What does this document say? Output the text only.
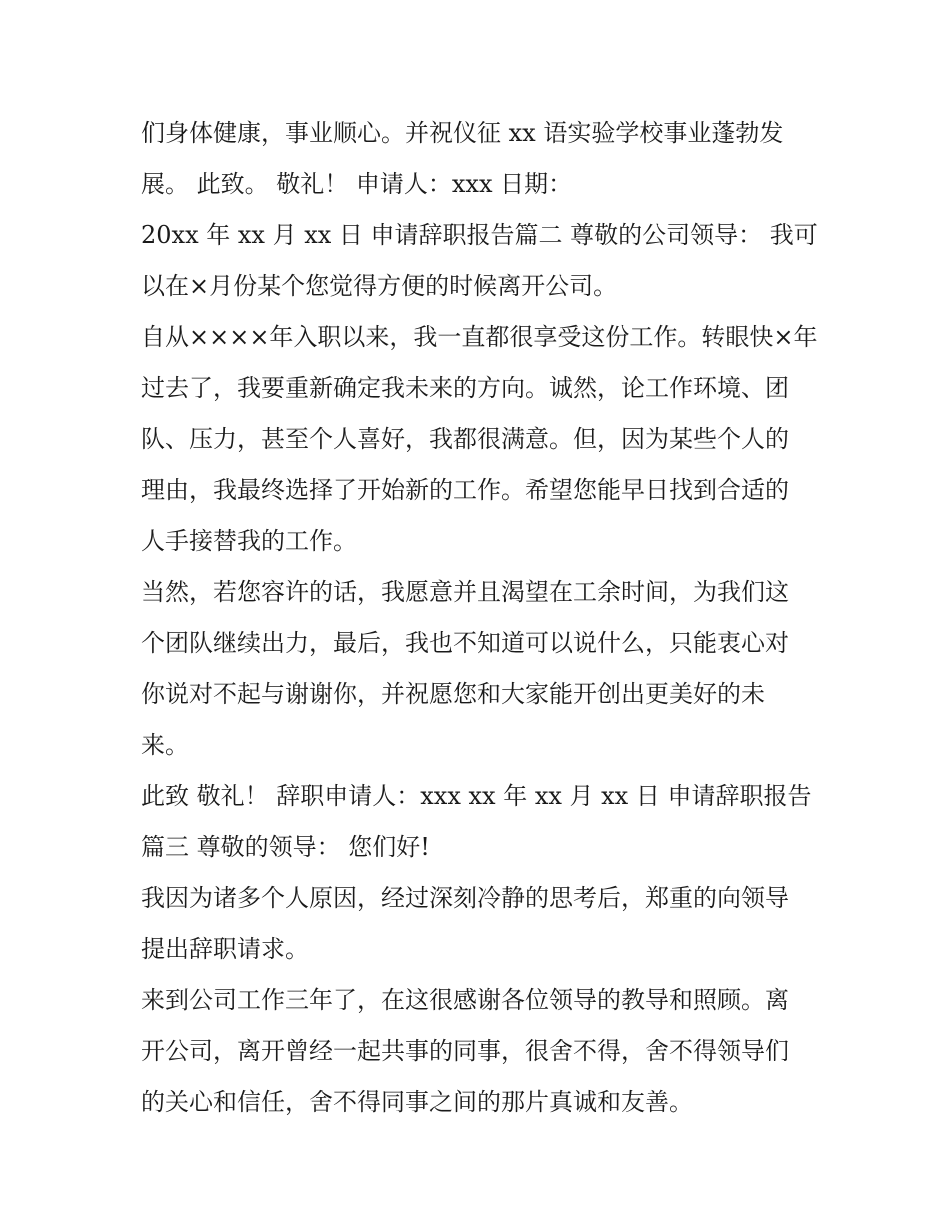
们身体健康，事业顺心。并祝仪征 xx 语实验学校事业蓬勃发
展。 此致。 敬礼！ 申请人：xxx 日期：
20xx 年 xx 月 xx 日 申请辞职报告篇二 尊敬的公司领导： 我可
以在×月份某个您觉得方便的时候离开公司。
自从××××年入职以来，我一直都很享受这份工作。转眼快×年
过去了，我要重新确定我未来的方向。诚然，论工作环境、团
队、压力，甚至个人喜好，我都很满意。但，因为某些个人的
理由，我最终选择了开始新的工作。希望您能早日找到合适的
人手接替我的工作。
当然，若您容许的话，我愿意并且渴望在工余时间，为我们这
个团队继续出力，最后，我也不知道可以说什么，只能衷心对
你说对不起与谢谢你，并祝愿您和大家能开创出更美好的未
来。
此致 敬礼！ 辞职申请人：xxx xx 年 xx 月 xx 日 申请辞职报告
篇三 尊敬的领导： 您们好!
我因为诸多个人原因，经过深刻冷静的思考后，郑重的向领导
提出辞职请求。
来到公司工作三年了，在这很感谢各位领导的教导和照顾。离
开公司，离开曾经一起共事的同事，很舍不得，舍不得领导们
的关心和信任，舍不得同事之间的那片真诚和友善。
